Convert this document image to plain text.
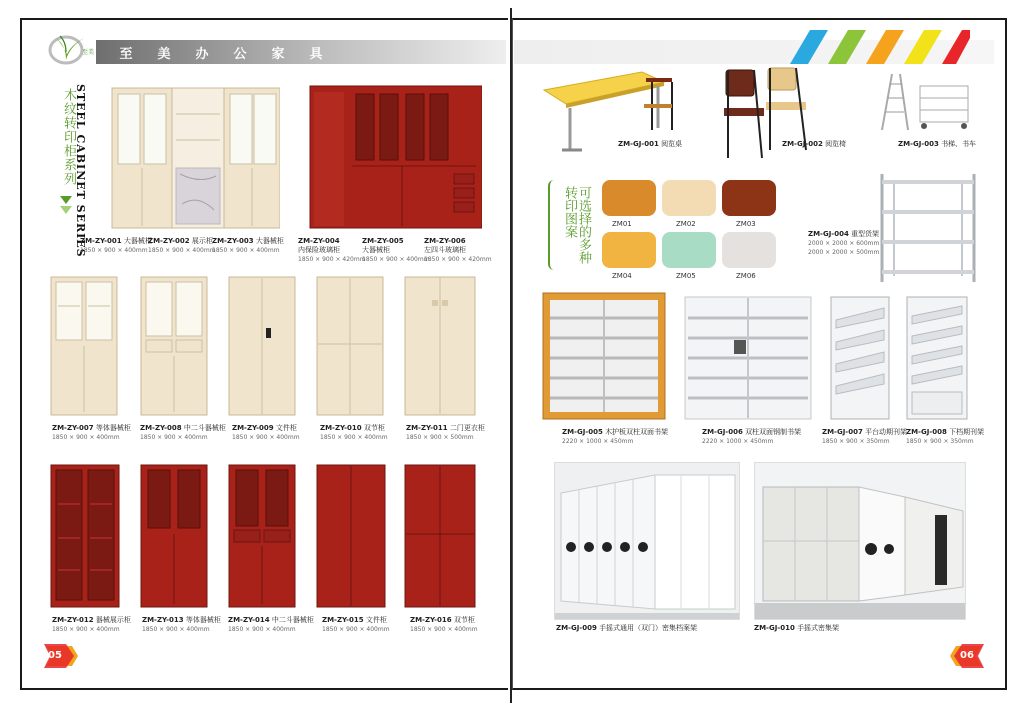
至美	至	美	办	公	家	具
木纹转印柜系列
STEEL CABINET SERIES
ZM-ZY-001 大器械柜
1850 × 900 × 400mm
ZM-ZY-002 展示柜
1850 × 900 × 400mm
ZM-ZY-003 大器械柜
1850 × 900 × 400mm
ZM-ZY-004
内保险玻璃柜
1850 × 900 × 420mm
ZM-ZY-005
大器械柜
1850 × 900 × 400mm
ZM-ZY-006
左四斗玻璃柜
1850 × 900 × 420mm
ZM-ZY-007 等体器械柜
1850 × 900 × 400mm
ZM-ZY-008 中二斗器械柜
1850 × 900 × 400mm
ZM-ZY-009 文件柜
1850 × 900 × 400mm
ZM-ZY-010 双节柜
1850 × 900 × 400mm
ZM-ZY-011 二门更衣柜
1850 × 900 × 500mm
ZM-ZY-012 器械展示柜
1850 × 900 × 400mm
ZM-ZY-013 等体器械柜
1850 × 900 × 400mm
ZM-ZY-014 中二斗器械柜
1850 × 900 × 400mm
ZM-ZY-015 文件柜
1850 × 900 × 400mm
ZM-ZY-016 双节柜
1850 × 900 × 400mm
05
ZM-GJ-001 阅览桌	ZM-GJ-002 阅览椅	ZM-GJ-003 书梯、书车
可选择的多种转印图案	ZM01	ZM02	ZM03
ZM04	ZM05	ZM06
ZM-GJ-004 重型货架
2000 × 2000 × 600mm
2000 × 2000 × 500mm
ZM-GJ-005 木护板双柱双面书架
2220 × 1000 × 450mm
ZM-GJ-006 双柱双面钢制书架
2220 × 1000 × 450mm
ZM-GJ-007 平台动期刊架
1850 × 900 × 350mm
ZM-GJ-008 下档期刊架
1850 × 900 × 350mm
ZM-GJ-009 手摇式通用（双门）密集档案架	ZM-GJ-010 手摇式密集架
06
